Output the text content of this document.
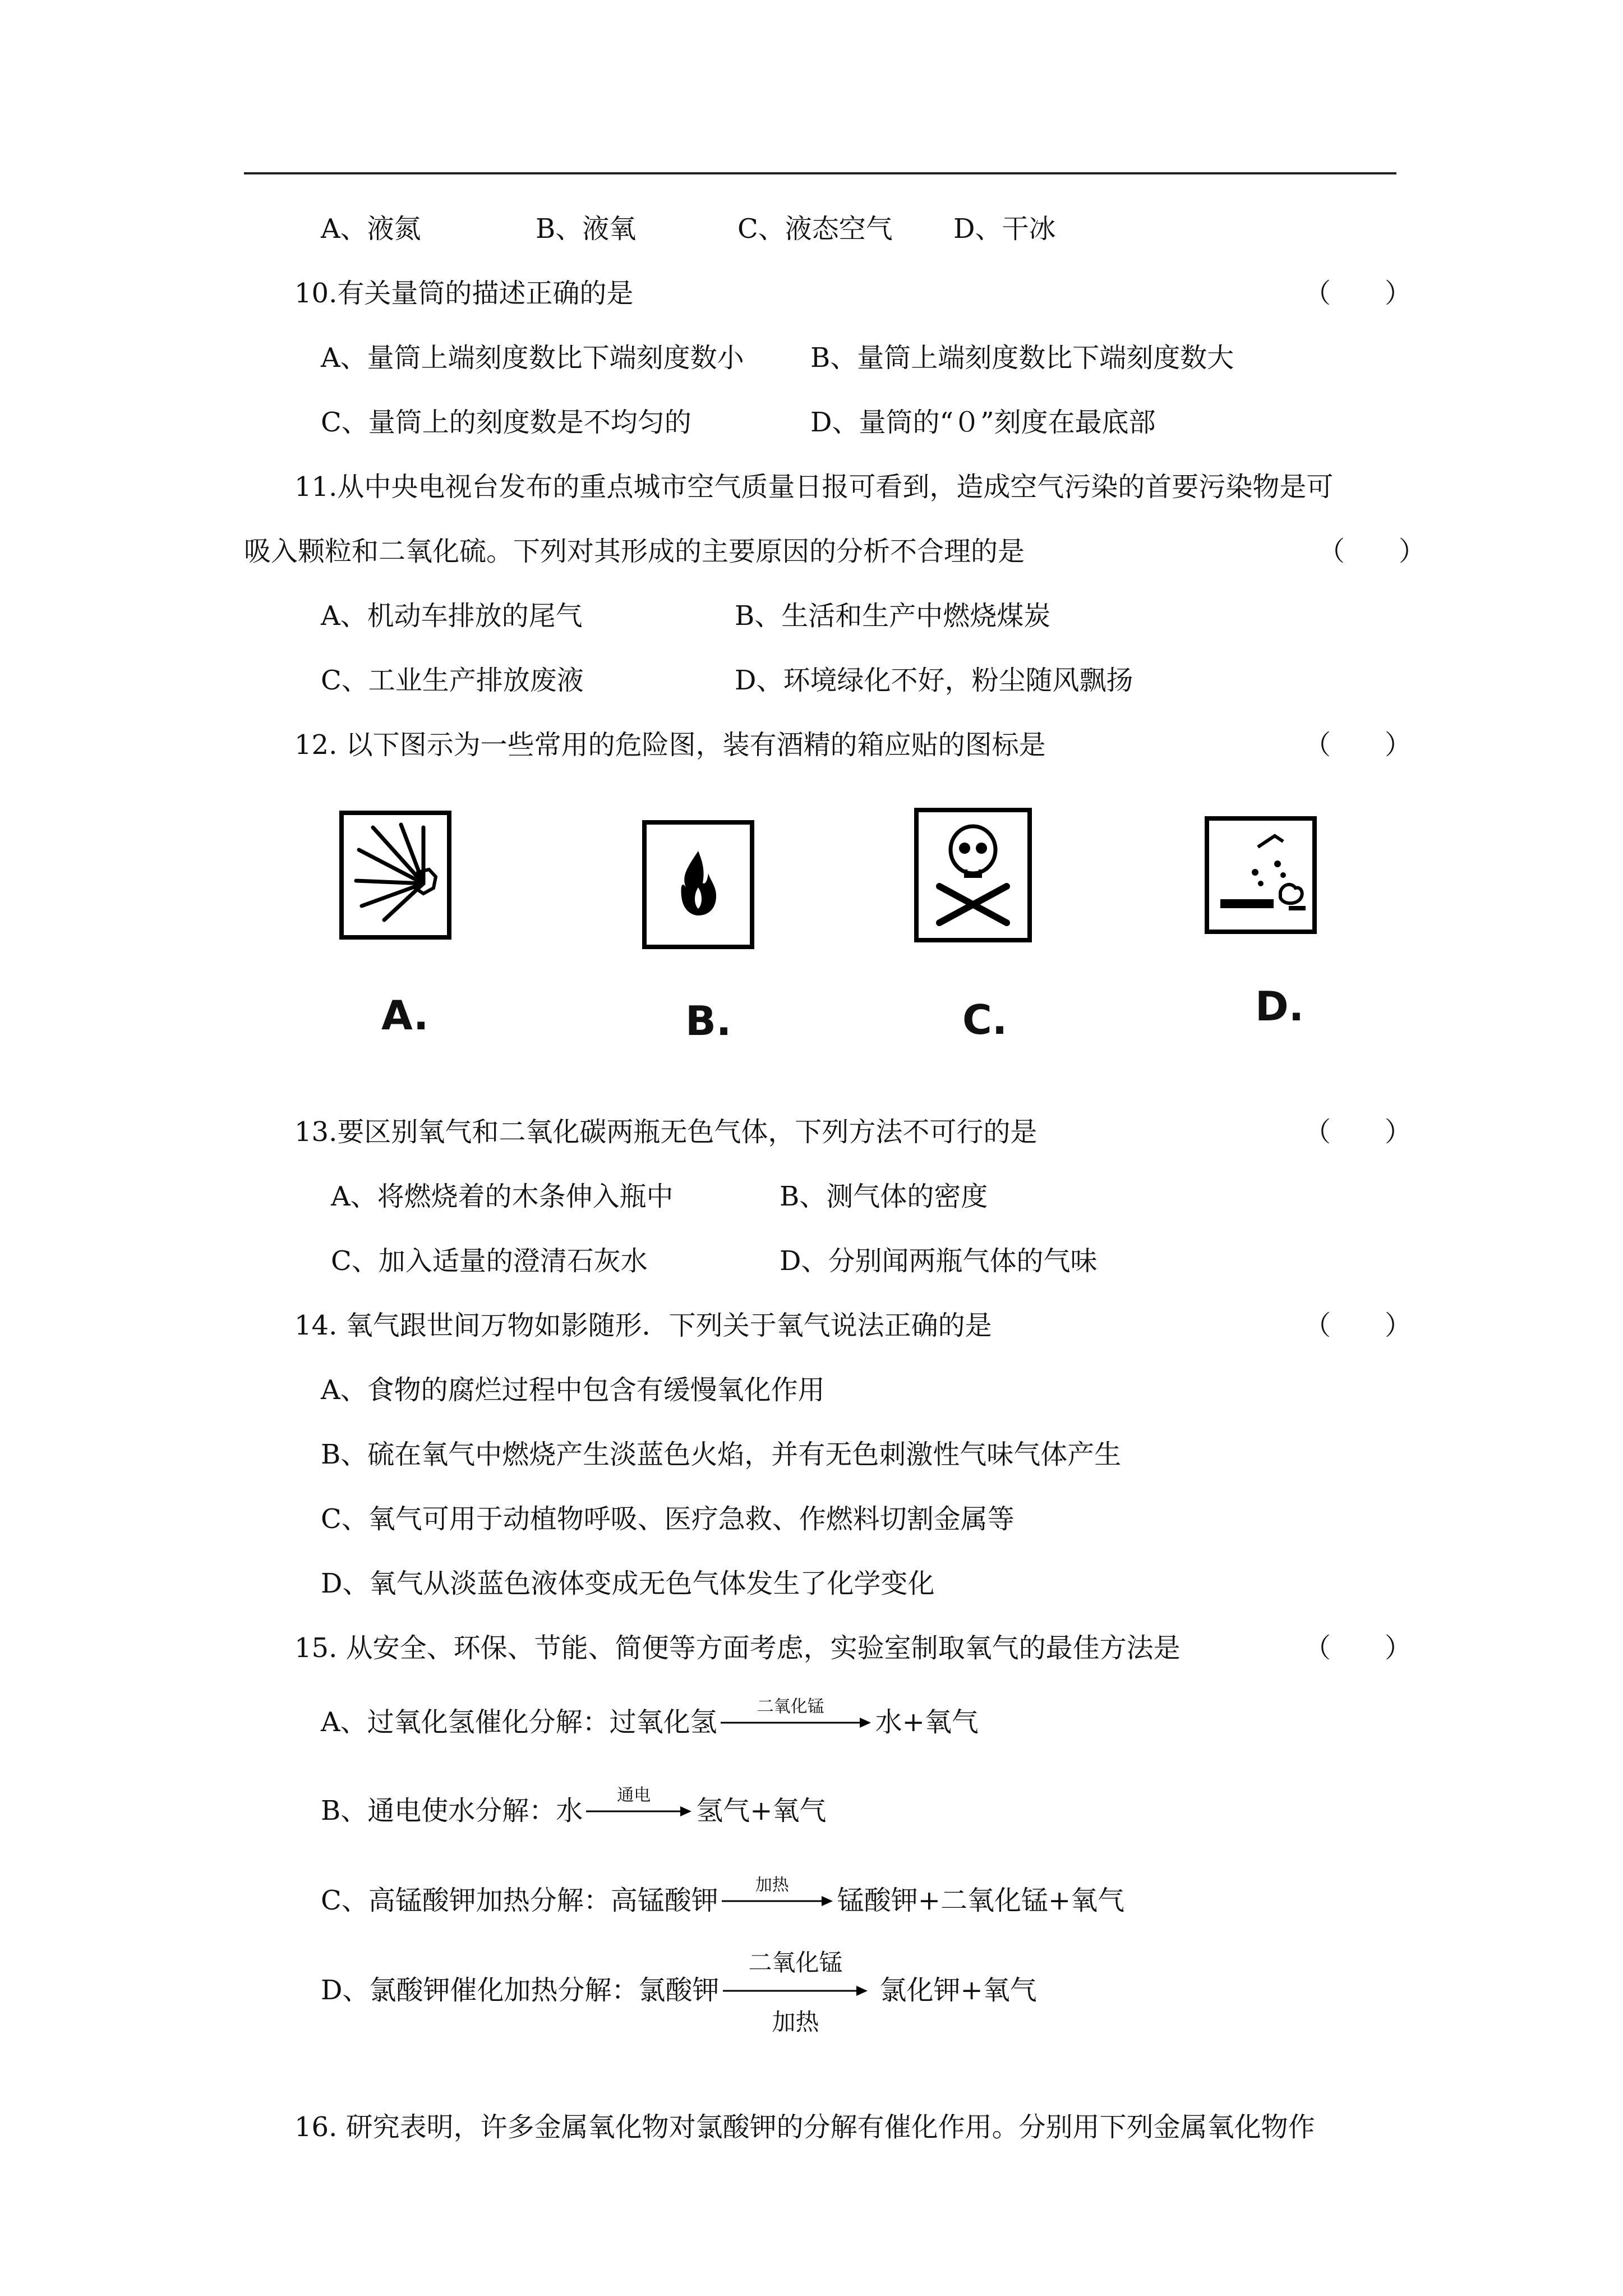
A、液氮	B、液氧	C、液态空气 D、干冰
10.有关量筒的描述正确的是	（　　）
A、量筒上端刻度数比下端刻度数小 B、量筒上端刻度数比下端刻度数大
C、量筒上的刻度数是不均匀的	D、量筒的“０”刻度在最底部
11.从中央电视台发布的重点城市空气质量日报可看到，造成空气污染的首要污染物是可
吸入颗粒和二氧化硫。下列对其形成的主要原因的分析不合理的是	（　　）
A、机动车排放的尾气	B、生活和生产中燃烧煤炭
C、工业生产排放废液	D、环境绿化不好，粉尘随风飘扬
12. 以下图示为一些常用的危险图，装有酒精的箱应贴的图标是	（　　）
A.	B.	C.	D.
13.要区别氧气和二氧化碳两瓶无色气体，下列方法不可行的是	（　　）
A、将燃烧着的木条伸入瓶中	B、测气体的密度
C、加入适量的澄清石灰水	D、分别闻两瓶气体的气味
14. 氧气跟世间万物如影随形．下列关于氧气说法正确的是	（　　）
A、食物的腐烂过程中包含有缓慢氧化作用
B、硫在氧气中燃烧产生淡蓝色火焰，并有无色刺激性气味气体产生
C、氧气可用于动植物呼吸、医疗急救、作燃料切割金属等
D、氧气从淡蓝色液体变成无色气体发生了化学变化
15. 从安全、环保、节能、简便等方面考虑，实验室制取氧气的最佳方法是	（　　）
A、过氧化氢催化分解：过氧化氢	二氧化锰	水+氧气
B、通电使水分解：水	通电	氢气+氧气
C、高锰酸钾加热分解：高锰酸钾	加热	锰酸钾+二氧化锰+氧气
D、氯酸钾催化加热分解：氯酸钾
二氧化锰
加热
氯化钾+氧气
16. 研究表明，许多金属氧化物对氯酸钾的分解有催化作用。分别用下列金属氧化物作
